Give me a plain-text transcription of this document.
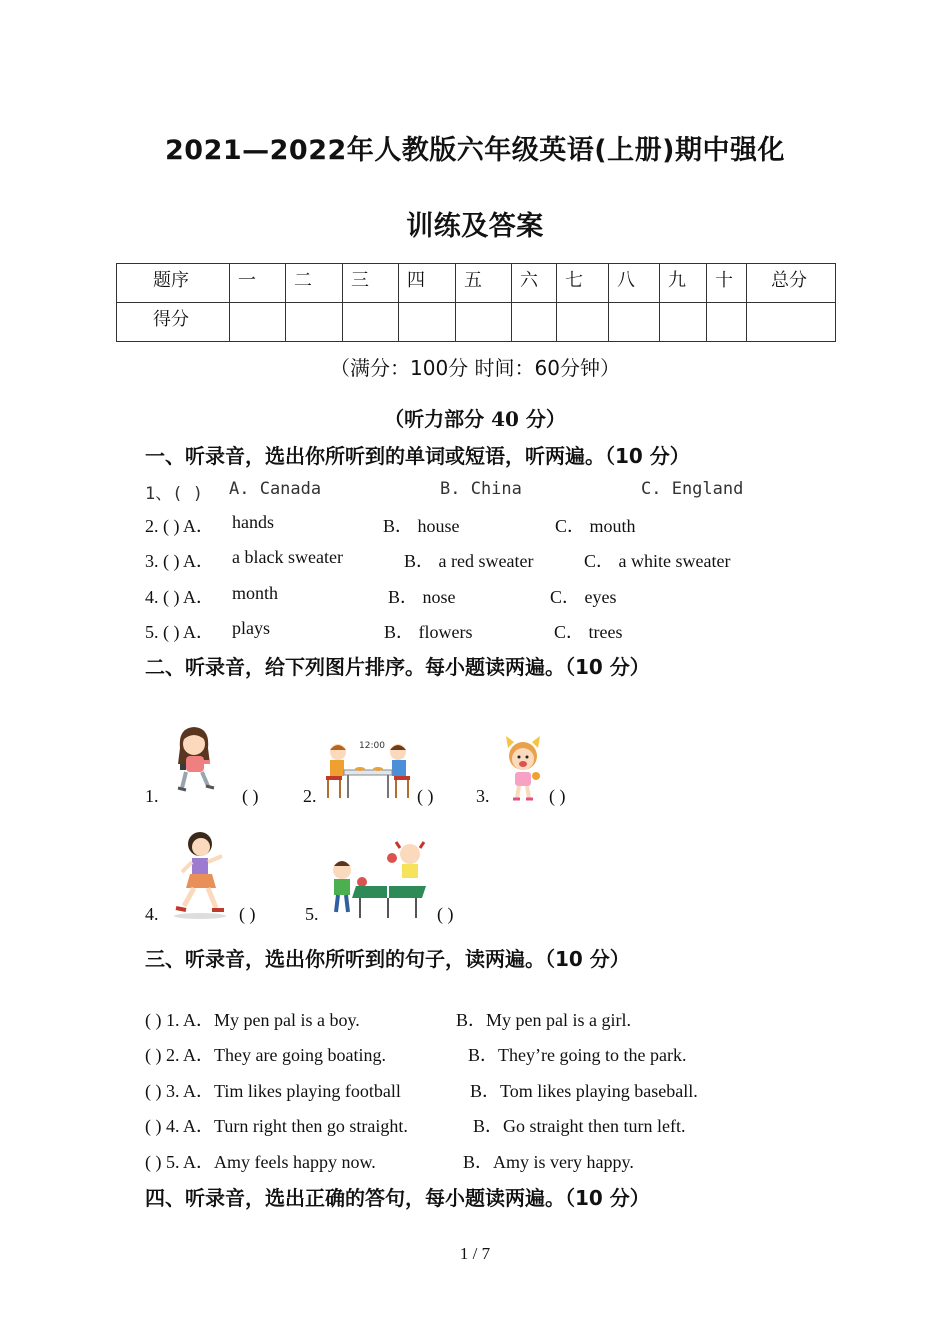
2021—2022年人教版六年级英语(上册)期中强化
训练及答案
题序	一	二	三	四	五	六	七	八	九	十	总分
得分											
（满分：100分 时间：60分钟）
（听力部分 40 分）
一、听录音，选出你所听到的单词或短语，听两遍。（10 分）
1、( ) A. Canada	B. China	C. England
2. ( ) A． hands	B． house	C． mouth
3. ( ) A． a black sweater	B． a red sweater	C． a white sweater
4. ( ) A． month	B． nose	C． eyes
5. ( ) A． plays	B． flowers	C． trees
二、听录音，给下列图片排序。每小题读两遍。（10 分）
1.	( ) 2.
12:00
( ) 3.	( )
4.	( )	5.	( )
三、听录音，选出你所听到的句子，读两遍。（10 分）
( ) 1. A．My pen pal is a boy.	B．My pen pal is a girl.
( ) 2. A．They are going boating.	B．They’re going to the park.
( ) 3. A．Tim likes playing football	B．Tom likes playing baseball.
( ) 4. A．Turn right then go straight.	B．Go straight then turn left.
( ) 5. A．Amy feels happy now.	B．Amy is very happy.
四、听录音，选出正确的答句，每小题读两遍。（10 分）
1 / 7
